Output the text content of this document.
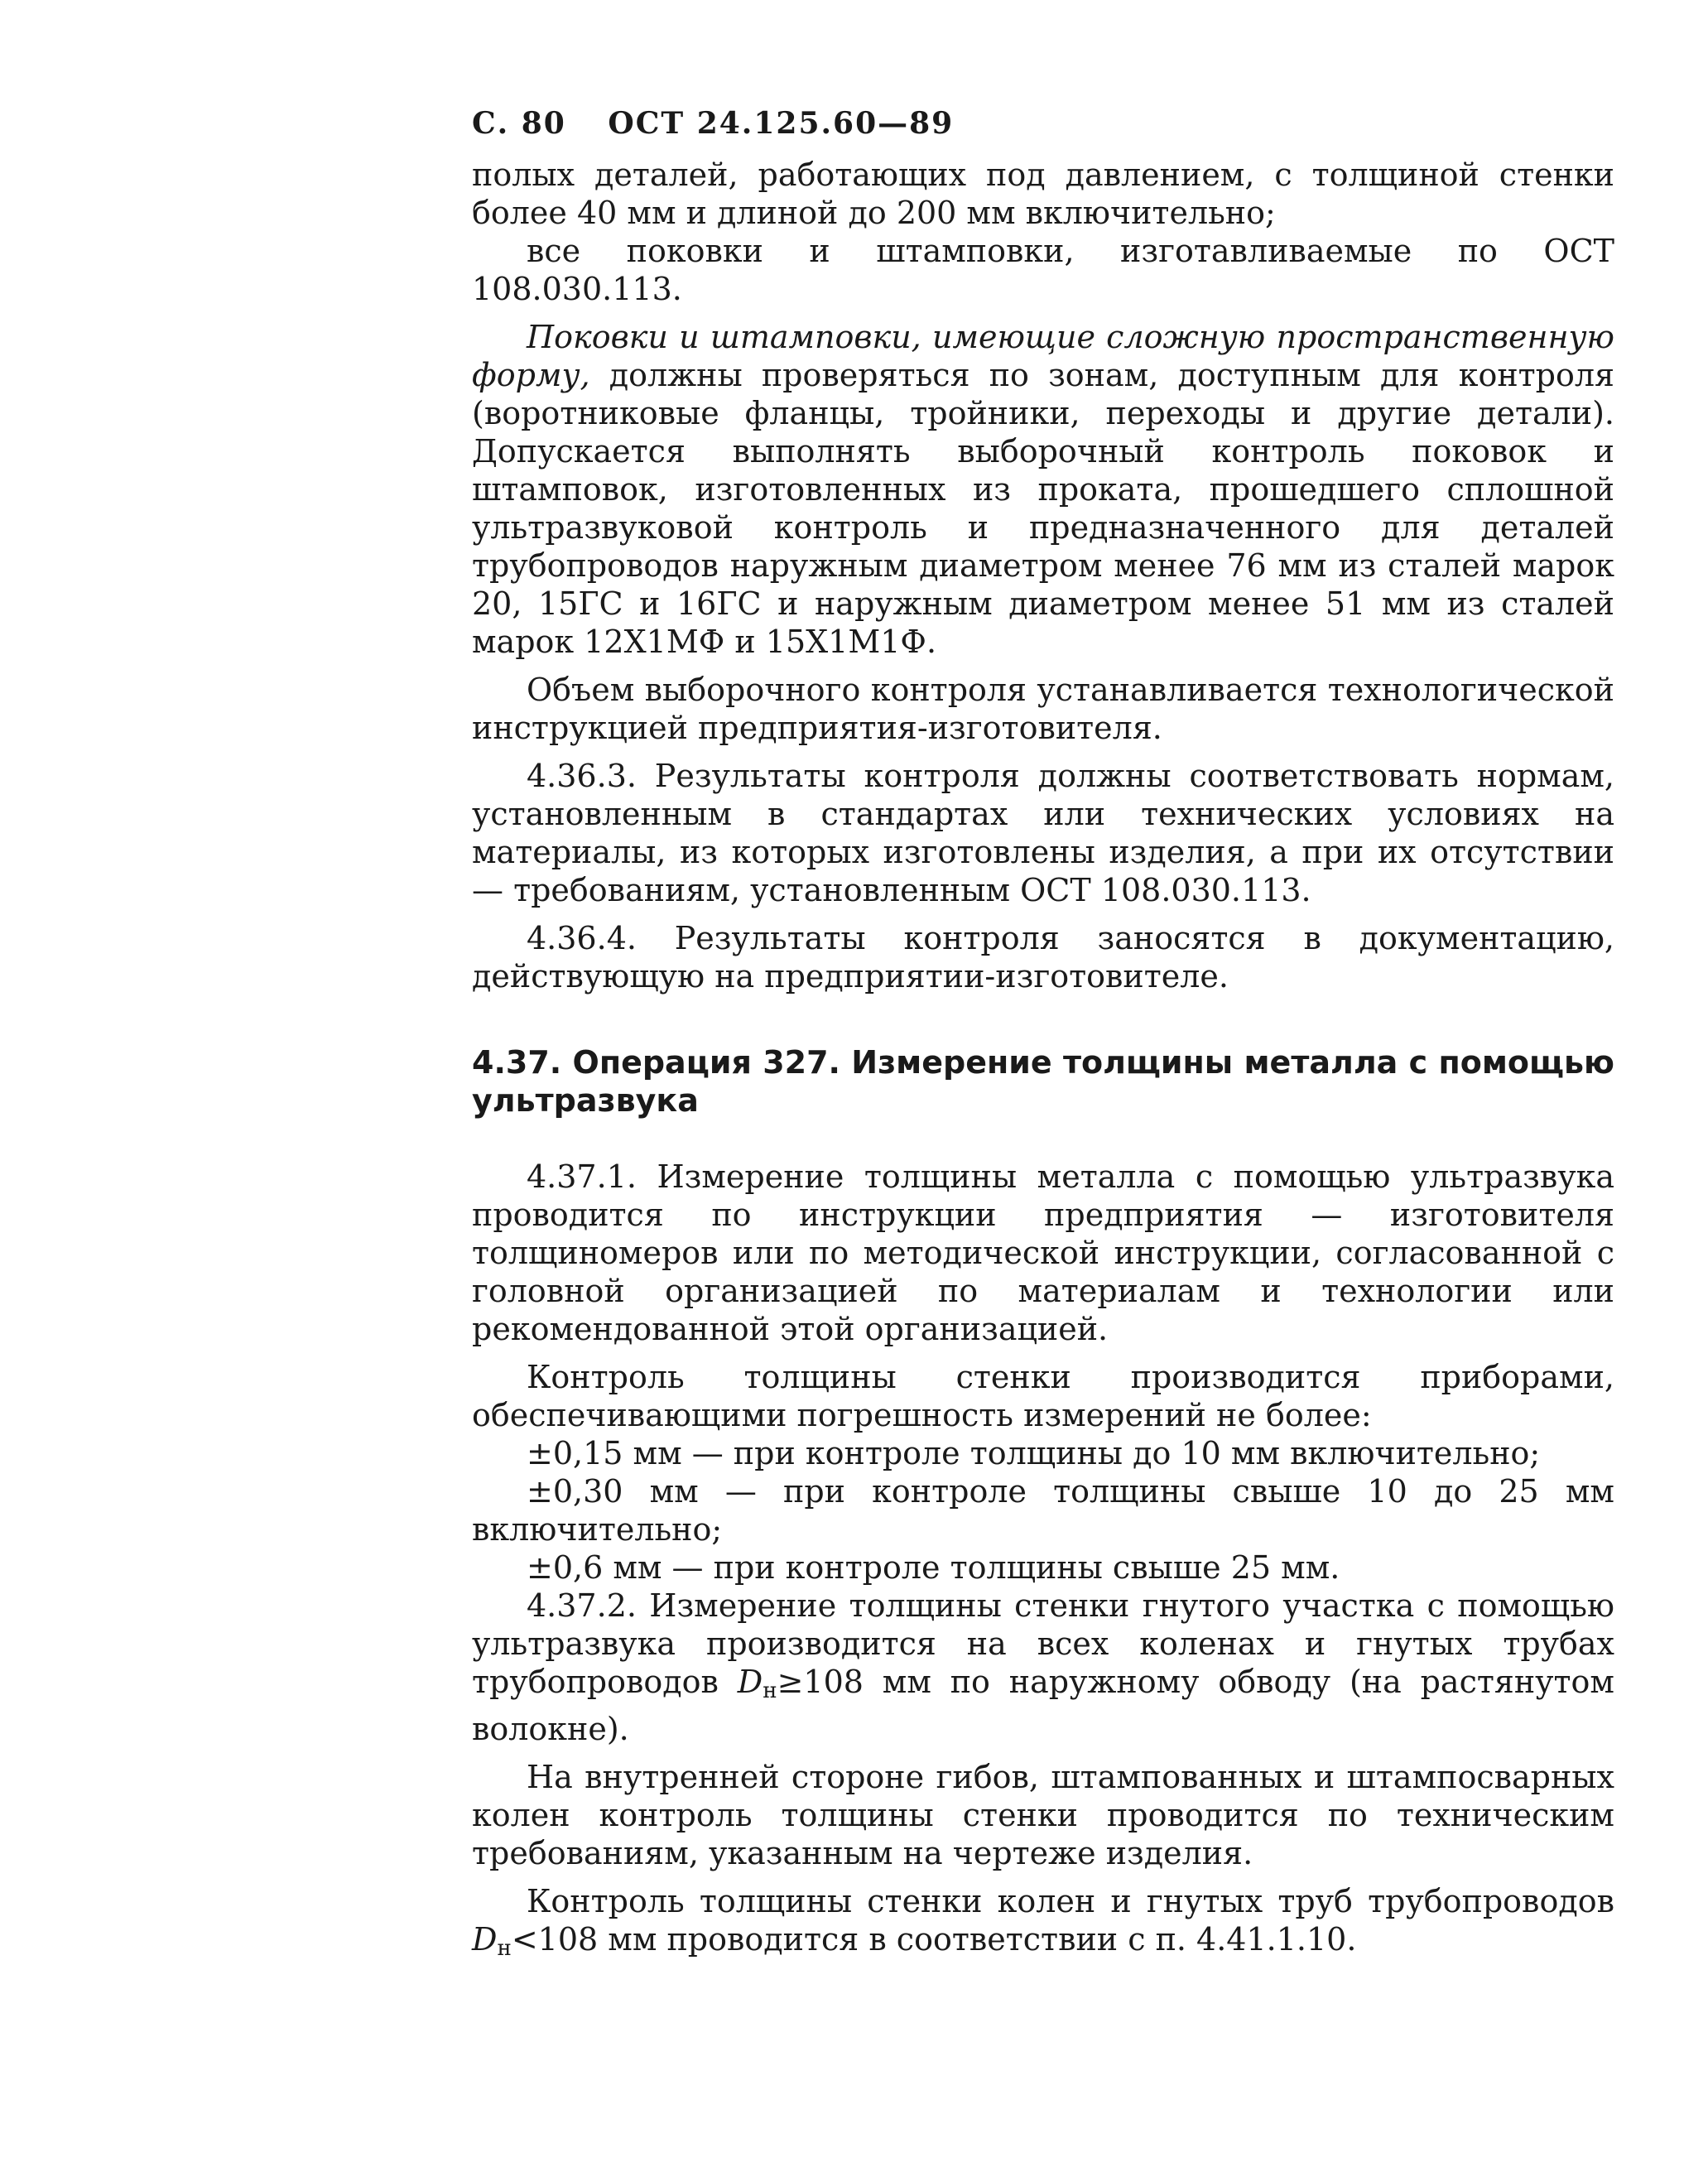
С. 80 ОСТ 24.125.60—89

полых деталей, работающих под давлением, с толщиной стенки более 40 мм и длиной до 200 мм включительно;

все поковки и штамповки, изготавливаемые по ОСТ 108.030.113.

Поковки и штамповки, имеющие сложную пространственную форму, должны проверяться по зонам, доступным для контроля (воротниковые фланцы, тройники, переходы и другие детали). Допускается выполнять выборочный контроль поковок и штамповок, изготовленных из проката, прошедшего сплошной ультразвуковой контроль и предназначенного для деталей трубопроводов наружным диаметром менее 76 мм из сталей марок 20, 15ГС и 16ГС и наружным диаметром менее 51 мм из сталей марок 12Х1МФ и 15Х1М1Ф.

Объем выборочного контроля устанавливается технологической инструкцией предприятия-изготовителя.

4.36.3. Результаты контроля должны соответствовать нормам, установленным в стандартах или технических условиях на материалы, из которых изготовлены изделия, а при их отсутствии — требованиям, установленным ОСТ 108.030.113.

4.36.4. Результаты контроля заносятся в документацию, действующую на предприятии-изготовителе.

4.37. Операция 327. Измерение толщины металла с помощью ультразвука

4.37.1. Измерение толщины металла с помощью ультразвука проводится по инструкции предприятия — изготовителя толщиномеров или по методической инструкции, согласованной с головной организацией по материалам и технологии или рекомендованной этой организацией.

Контроль толщины стенки производится приборами, обеспечивающими погрешность измерений не более:

±0,15 мм — при контроле толщины до 10 мм включительно;

±0,30 мм — при контроле толщины свыше 10 до 25 мм включительно;

±0,6 мм — при контроле толщины свыше 25 мм.

4.37.2. Измерение толщины стенки гнутого участка с помощью ультразвука производится на всех коленах и гнутых трубах трубопроводов $D_н\ge 108$ мм по наружному обводу (на растянутом волокне).

На внутренней стороне гибов, штампованных и штампосварных колен контроль толщины стенки проводится по техническим требованиям, указанным на чертеже изделия.

Контроль толщины стенки колен и гнутых труб трубопроводов $D_н<108$ мм проводится в соответствии с п. 4.41.1.10.
